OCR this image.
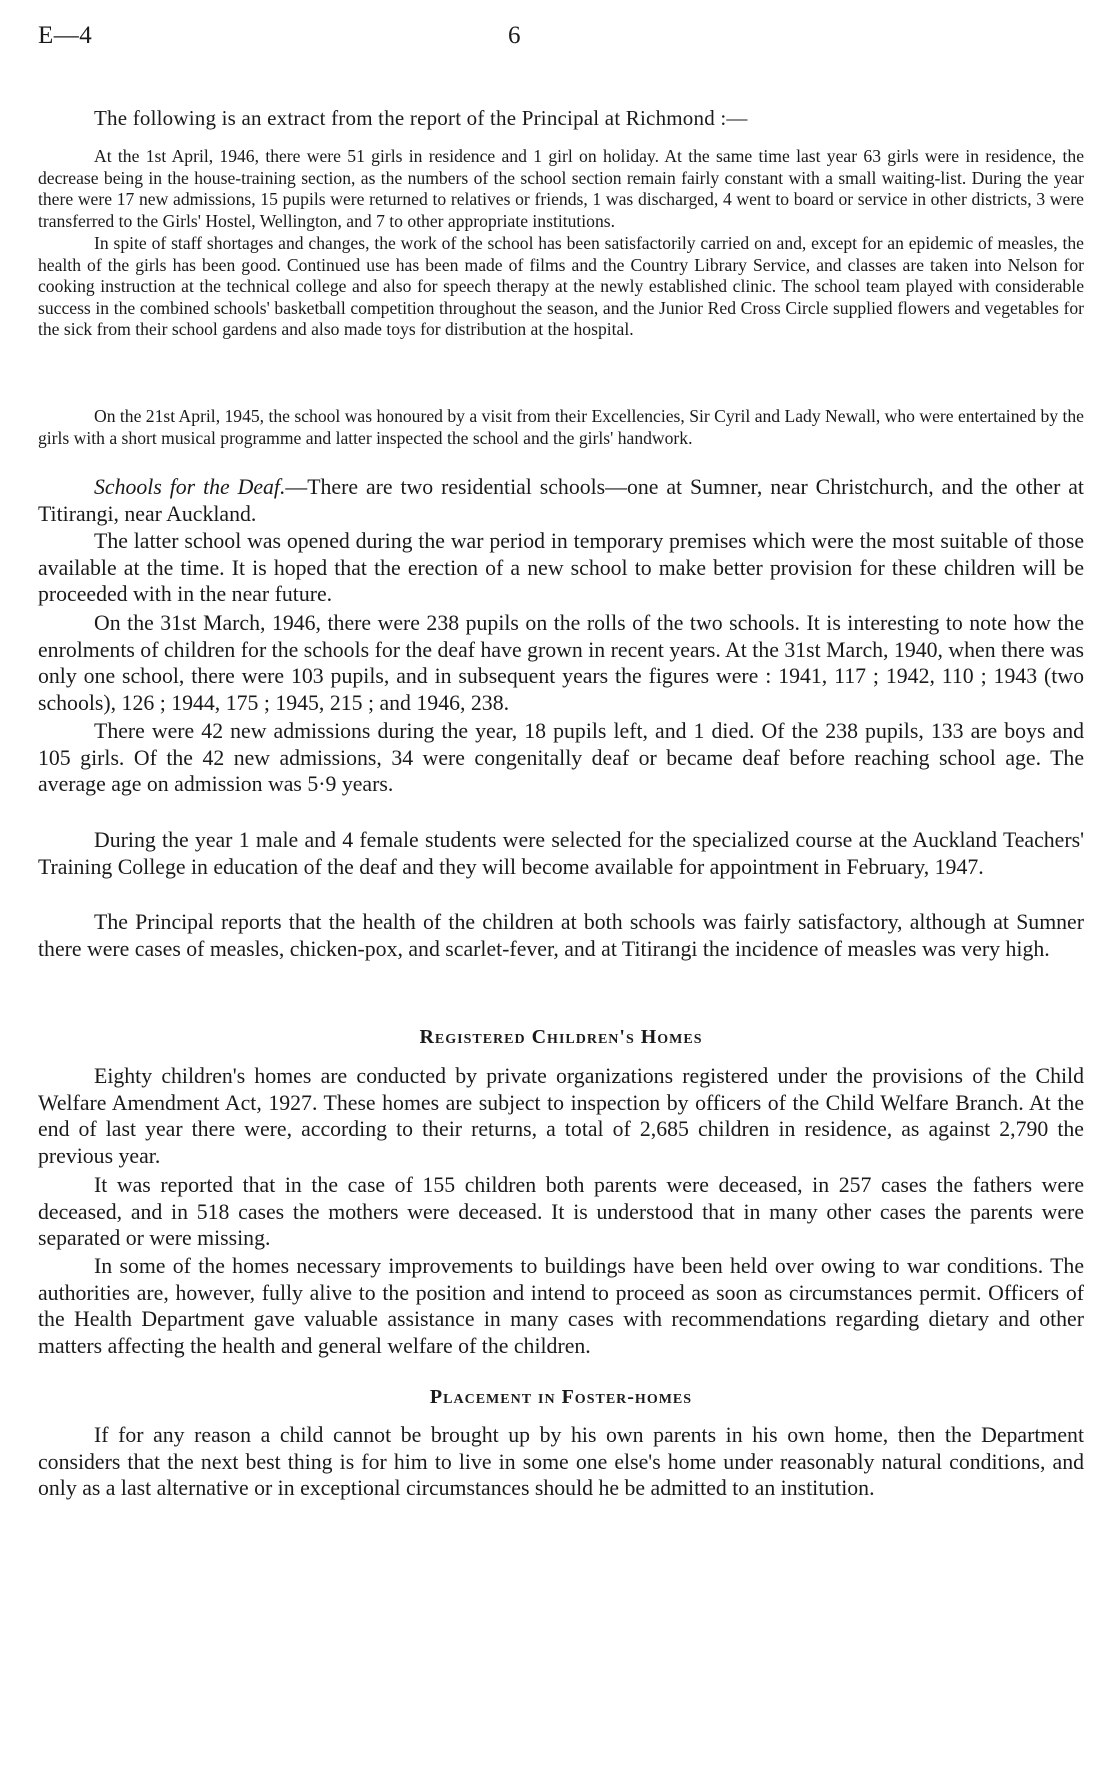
E—4	6
The following is an extract from the report of the Principal at Richmond :—

At the 1st April, 1946, there were 51 girls in residence and 1 girl on holiday. At the same time last year 63 girls were in residence, the decrease being in the house-training section, as the numbers of the school section remain fairly constant with a small waiting-list. During the year there were 17 new admissions, 15 pupils were returned to relatives or friends, 1 was discharged, 4 went to board or service in other districts, 3 were transferred to the Girls' Hostel, Wellington, and 7 to other appropriate institutions.

In spite of staff shortages and changes, the work of the school has been satisfactorily carried on and, except for an epidemic of measles, the health of the girls has been good. Continued use has been made of films and the Country Library Service, and classes are taken into Nelson for cooking instruction at the technical college and also for speech therapy at the newly established clinic. The school team played with considerable success in the combined schools' basketball competition throughout the season, and the Junior Red Cross Circle supplied flowers and vegetables for the sick from their school gardens and also made toys for distribution at the hospital.

On the 21st April, 1945, the school was honoured by a visit from their Excellencies, Sir Cyril and Lady Newall, who were entertained by the girls with a short musical programme and latter inspected the school and the girls' handwork.

Schools for the Deaf.—There are two residential schools—one at Sumner, near Christchurch, and the other at Titirangi, near Auckland.

The latter school was opened during the war period in temporary premises which were the most suitable of those available at the time. It is hoped that the erection of a new school to make better provision for these children will be proceeded with in the near future.

On the 31st March, 1946, there were 238 pupils on the rolls of the two schools. It is interesting to note how the enrolments of children for the schools for the deaf have grown in recent years. At the 31st March, 1940, when there was only one school, there were 103 pupils, and in subsequent years the figures were : 1941, 117 ; 1942, 110 ; 1943 (two schools), 126 ; 1944, 175 ; 1945, 215 ; and 1946, 238.

There were 42 new admissions during the year, 18 pupils left, and 1 died. Of the 238 pupils, 133 are boys and 105 girls. Of the 42 new admissions, 34 were congenitally deaf or became deaf before reaching school age. The average age on admission was 5·9 years.

During the year 1 male and 4 female students were selected for the specialized course at the Auckland Teachers' Training College in education of the deaf and they will become available for appointment in February, 1947.

The Principal reports that the health of the children at both schools was fairly satisfactory, although at Sumner there were cases of measles, chicken-pox, and scarlet-fever, and at Titirangi the incidence of measles was very high.

Registered Children's Homes

Eighty children's homes are conducted by private organizations registered under the provisions of the Child Welfare Amendment Act, 1927. These homes are subject to inspection by officers of the Child Welfare Branch. At the end of last year there were, according to their returns, a total of 2,685 children in residence, as against 2,790 the previous year.

It was reported that in the case of 155 children both parents were deceased, in 257 cases the fathers were deceased, and in 518 cases the mothers were deceased. It is understood that in many other cases the parents were separated or were missing.

In some of the homes necessary improvements to buildings have been held over owing to war conditions. The authorities are, however, fully alive to the position and intend to proceed as soon as circumstances permit. Officers of the Health Department gave valuable assistance in many cases with recommendations regarding dietary and other matters affecting the health and general welfare of the children.

Placement in Foster-homes

If for any reason a child cannot be brought up by his own parents in his own home, then the Department considers that the next best thing is for him to live in some one else's home under reasonably natural conditions, and only as a last alternative or in exceptional circumstances should he be admitted to an institution.
